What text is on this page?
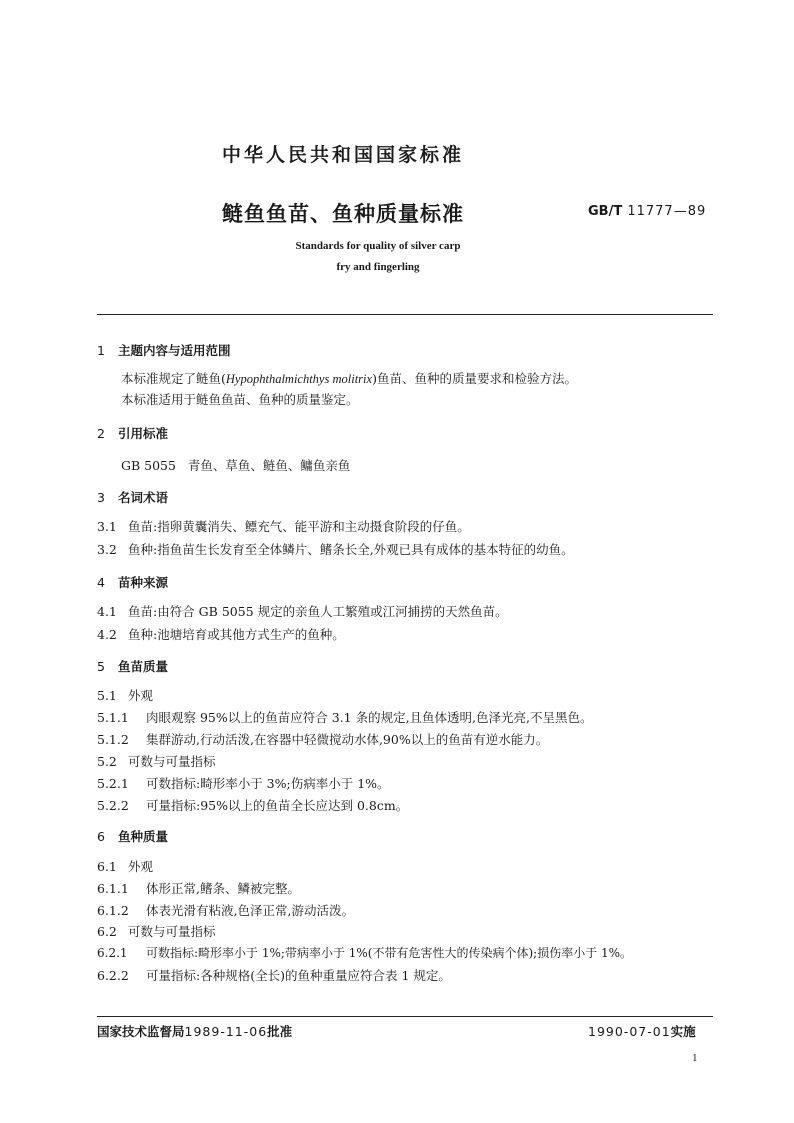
中华人民共和国国家标准
鲢鱼鱼苗、鱼种质量标准	GB/T 11777—89
Standards for quality of silver carp
fry and fingerling
1 主题内容与适用范围
本标准规定了鲢鱼(Hypophthalmichthys molitrix)鱼苗、鱼种的质量要求和检验方法。
本标准适用于鲢鱼鱼苗、鱼种的质量鉴定。
2 引用标准
GB 5055 青鱼、草鱼、鲢鱼、鳙鱼亲鱼
3 名词术语
3.1 鱼苗:指卵黄囊消失、鳔充气、能平游和主动摄食阶段的仔鱼。
3.2 鱼种:指鱼苗生长发育至全体鳞片、鳍条长全,外观已具有成体的基本特征的幼鱼。
4 苗种来源
4.1 鱼苗:由符合 GB 5055 规定的亲鱼人工繁殖或江河捕捞的天然鱼苗。
4.2 鱼种:池塘培育或其他方式生产的鱼种。
5 鱼苗质量
5.1 外观
5.1.1 肉眼观察 95%以上的鱼苗应符合 3.1 条的规定,且鱼体透明,色泽光亮,不呈黑色。
5.1.2 集群游动,行动活泼,在容器中轻微搅动水体,90%以上的鱼苗有逆水能力。
5.2 可数与可量指标
5.2.1 可数指标:畸形率小于 3%;伤病率小于 1%。
5.2.2 可量指标:95%以上的鱼苗全长应达到 0.8cm。
6 鱼种质量
6.1 外观
6.1.1 体形正常,鳍条、鳞被完整。
6.1.2 体表光滑有粘液,色泽正常,游动活泼。
6.2 可数与可量指标
6.2.1 可数指标:畸形率小于 1%;带病率小于 1%(不带有危害性大的传染病个体);损伤率小于 1%。
6.2.2 可量指标:各种规格(全长)的鱼种重量应符合表 1 规定。
国家技术监督局1989-11-06批准	1990-07-01实施
1
